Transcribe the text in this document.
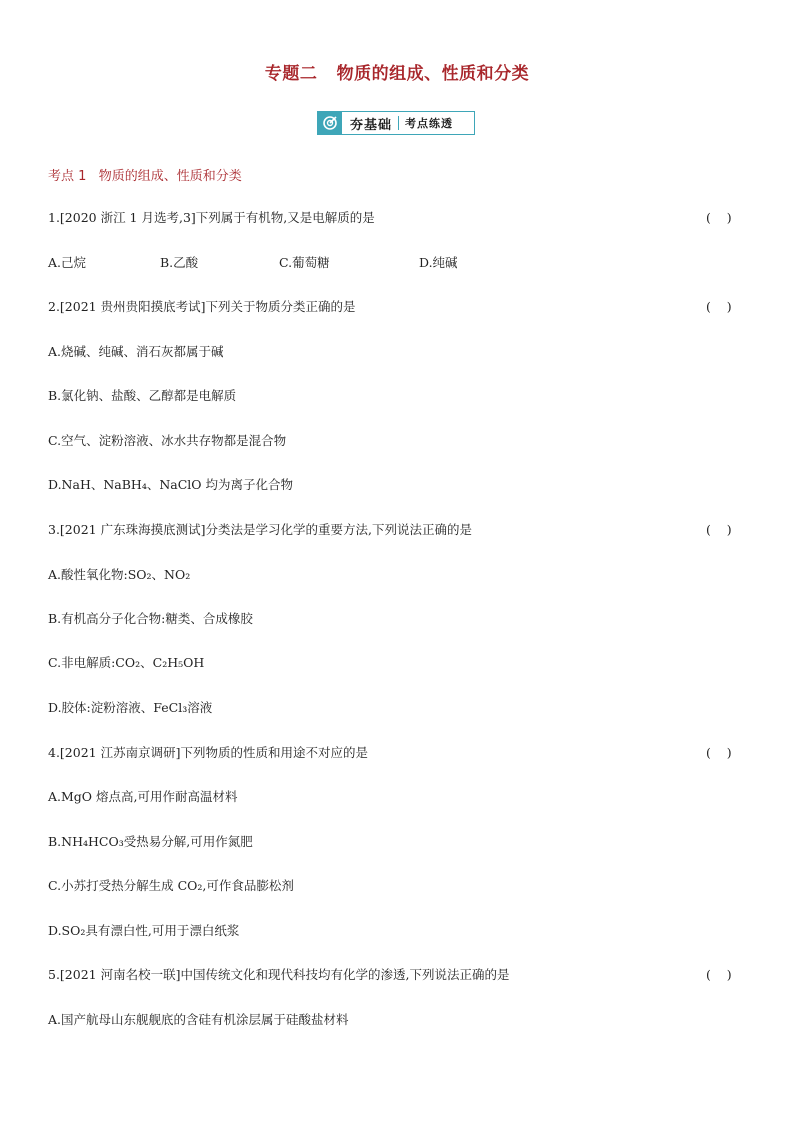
专题二   物质的组成、性质和分类
夯基础	考点练透
考点 1   物质的组成、性质和分类
1.[2020 浙江 1 月选考,3]下列属于有机物,又是电解质的是	(    )
A.己烷	B.乙酸	C.葡萄糖	D.纯碱
2.[2021 贵州贵阳摸底考试]下列关于物质分类正确的是	(    )
A.烧碱、纯碱、消石灰都属于碱
B.氯化钠、盐酸、乙醇都是电解质
C.空气、淀粉溶液、冰水共存物都是混合物
D.NaH、NaBH₄、NaClO 均为离子化合物
3.[2021 广东珠海摸底测试]分类法是学习化学的重要方法,下列说法正确的是	(    )
A.酸性氧化物:SO₂、NO₂
B.有机高分子化合物:糖类、合成橡胶
C.非电解质:CO₂、C₂H₅OH
D.胶体:淀粉溶液、FeCl₃溶液
4.[2021 江苏南京调研]下列物质的性质和用途不对应的是	(    )
A.MgO 熔点高,可用作耐高温材料
B.NH₄HCO₃受热易分解,可用作氮肥
C.小苏打受热分解生成 CO₂,可作食品膨松剂
D.SO₂具有漂白性,可用于漂白纸浆
5.[2021 河南名校一联]中国传统文化和现代科技均有化学的渗透,下列说法正确的是	(    )
A.国产航母山东舰舰底的含硅有机涂层属于硅酸盐材料
